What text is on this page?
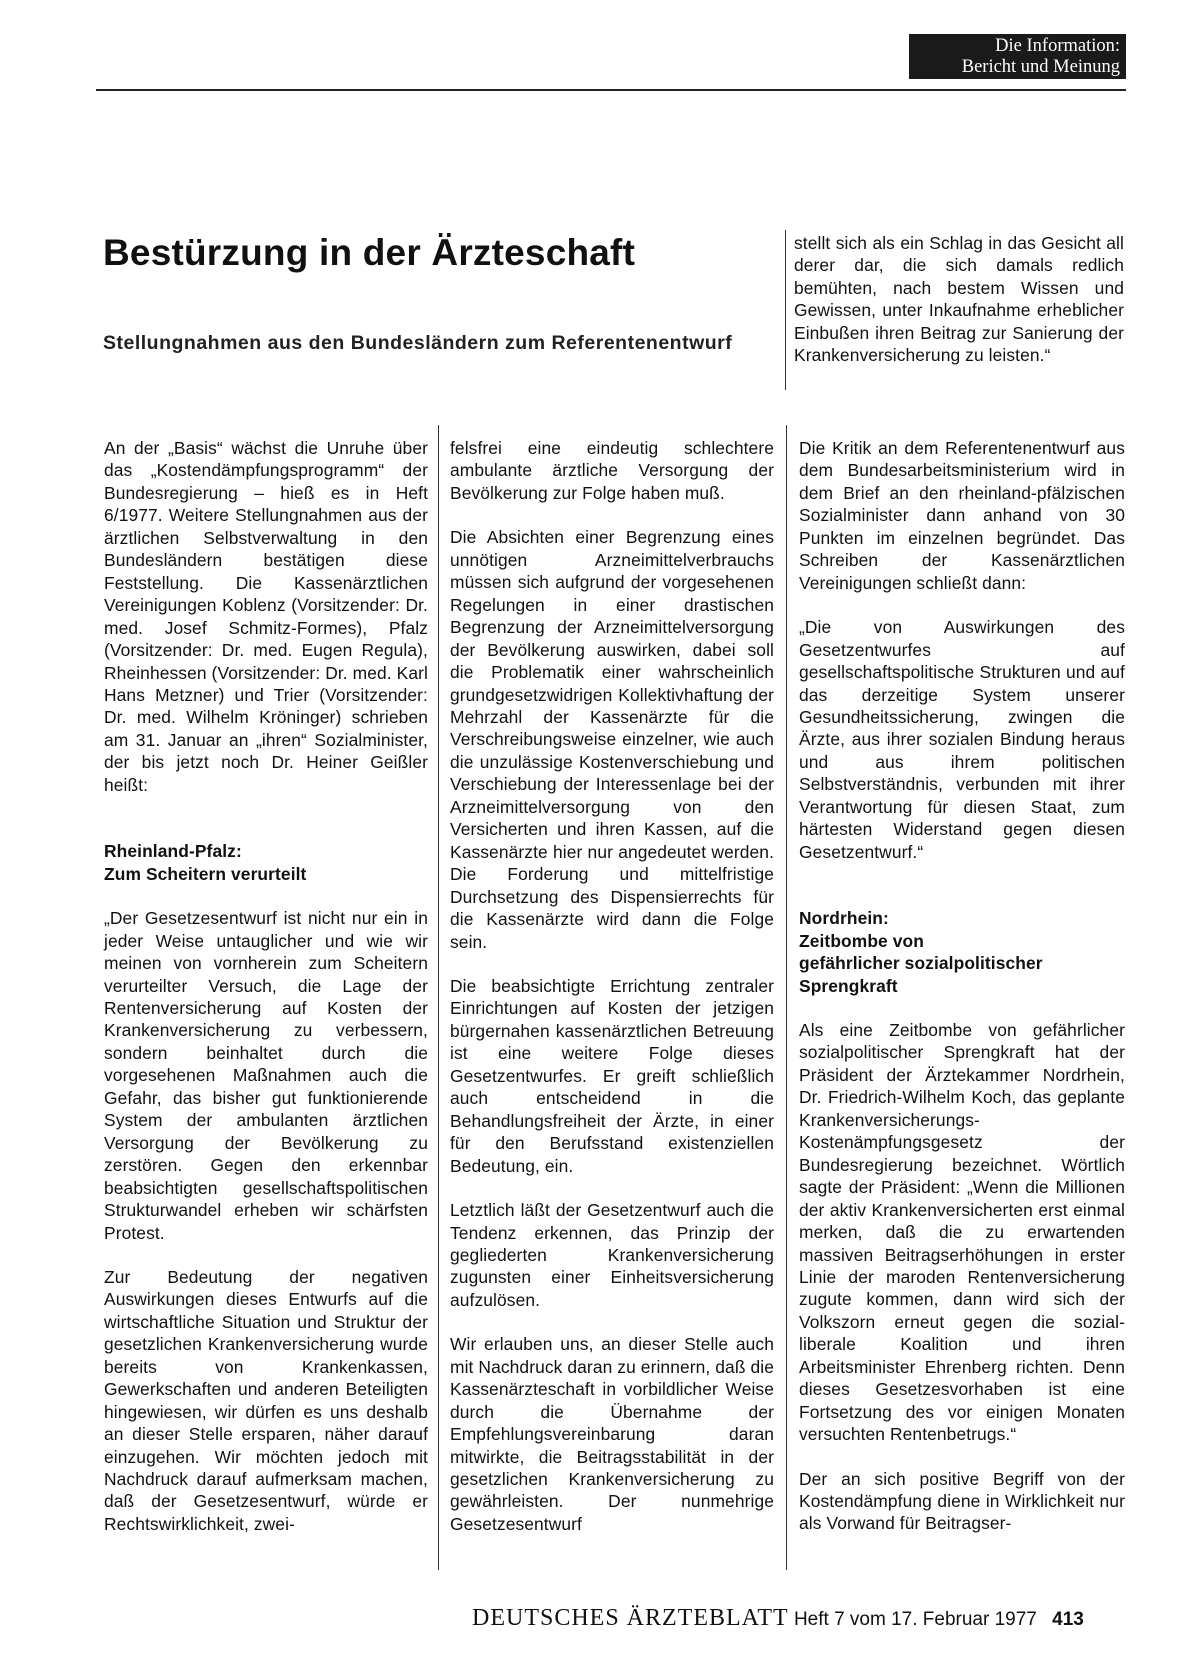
Die Information:
Bericht und Meinung
Bestürzung in der Ärzteschaft
Stellungnahmen aus den Bundesländern zum Referentenentwurf

stellt sich als ein Schlag in das Gesicht all derer dar, die sich damals redlich bemühten, nach bestem Wissen und Gewissen, unter Inkaufnahme erheblicher Einbußen ihren Beitrag zur Sanierung der Krankenversicherung zu leisten.“

An der „Basis“ wächst die Unruhe über das „Kostendämpfungsprogramm“ der Bundesregierung – hieß es in Heft 6/1977. Weitere Stellungnahmen aus der ärztlichen Selbstverwaltung in den Bundesländern bestätigen diese Feststellung. Die Kassenärztlichen Vereinigungen Koblenz (Vorsitzender: Dr. med. Josef Schmitz-Formes), Pfalz (Vorsitzender: Dr. med. Eugen Regula), Rheinhessen (Vorsitzender: Dr. med. Karl Hans Metzner) und Trier (Vorsitzender: Dr. med. Wilhelm Kröninger) schrieben am 31. Januar an „ihren“ Sozialminister, der bis jetzt noch Dr. Heiner Geißler heißt:

Rheinland-Pfalz:
Zum Scheitern verurteilt

„Der Gesetzesentwurf ist nicht nur ein in jeder Weise untauglicher und wie wir meinen von vornherein zum Scheitern verurteilter Versuch, die Lage der Rentenversicherung auf Kosten der Krankenversicherung zu verbessern, sondern beinhaltet durch die vorgesehenen Maßnahmen auch die Gefahr, das bisher gut funktionierende System der ambulanten ärztlichen Versorgung der Bevölkerung zu zerstören. Gegen den erkennbar beabsichtigten gesellschaftspolitischen Strukturwandel erheben wir schärfsten Protest.

Zur Bedeutung der negativen Auswirkungen dieses Entwurfs auf die wirtschaftliche Situation und Struktur der gesetzlichen Krankenversicherung wurde bereits von Krankenkassen, Gewerkschaften und anderen Beteiligten hingewiesen, wir dürfen es uns deshalb an dieser Stelle ersparen, näher darauf einzugehen. Wir möchten jedoch mit Nachdruck darauf aufmerksam machen, daß der Gesetzesentwurf, würde er Rechtswirklichkeit, zwei-

felsfrei eine eindeutig schlechtere ambulante ärztliche Versorgung der Bevölkerung zur Folge haben muß.

Die Absichten einer Begrenzung eines unnötigen Arzneimittelverbrauchs müssen sich aufgrund der vorgesehenen Regelungen in einer drastischen Begrenzung der Arzneimittelversorgung der Bevölkerung auswirken, dabei soll die Problematik einer wahrscheinlich grundgesetzwidrigen Kollektivhaftung der Mehrzahl der Kassenärzte für die Verschreibungsweise einzelner, wie auch die unzulässige Kostenverschiebung und Verschiebung der Interessenlage bei der Arzneimittelversorgung von den Versicherten und ihren Kassen, auf die Kassenärzte hier nur angedeutet werden. Die Forderung und mittelfristige Durchsetzung des Dispensierrechts für die Kassenärzte wird dann die Folge sein.

Die beabsichtigte Errichtung zentraler Einrichtungen auf Kosten der jetzigen bürgernahen kassenärztlichen Betreuung ist eine weitere Folge dieses Gesetzentwurfes. Er greift schließlich auch entscheidend in die Behandlungsfreiheit der Ärzte, in einer für den Berufsstand existenziellen Bedeutung, ein.

Letztlich läßt der Gesetzentwurf auch die Tendenz erkennen, das Prinzip der gegliederten Krankenversicherung zugunsten einer Einheitsversicherung aufzulösen.

Wir erlauben uns, an dieser Stelle auch mit Nachdruck daran zu erinnern, daß die Kassenärzteschaft in vorbildlicher Weise durch die Übernahme der Empfehlungsvereinbarung daran mitwirkte, die Beitragsstabilität in der gesetzlichen Krankenversicherung zu gewährleisten. Der nunmehrige Gesetzesentwurf

Die Kritik an dem Referentenentwurf aus dem Bundesarbeitsministerium wird in dem Brief an den rheinland-pfälzischen Sozialminister dann anhand von 30 Punkten im einzelnen begründet. Das Schreiben der Kassenärztlichen Vereinigungen schließt dann:

„Die von Auswirkungen des Gesetzentwurfes auf gesellschaftspolitische Strukturen und auf das derzeitige System unserer Gesundheitssicherung, zwingen die Ärzte, aus ihrer sozialen Bindung heraus und aus ihrem politischen Selbstverständnis, verbunden mit ihrer Verantwortung für diesen Staat, zum härtesten Widerstand gegen diesen Gesetzentwurf.“

Nordrhein:
Zeitbombe von
gefährlicher sozialpolitischer
Sprengkraft

Als eine Zeitbombe von gefährlicher sozialpolitischer Sprengkraft hat der Präsident der Ärztekammer Nordrhein, Dr. Friedrich-Wilhelm Koch, das geplante Krankenversicherungs-Kostenämpfungsgesetz der Bundesregierung bezeichnet. Wörtlich sagte der Präsident: „Wenn die Millionen der aktiv Krankenversicherten erst einmal merken, daß die zu erwartenden massiven Beitragserhöhungen in erster Linie der maroden Rentenversicherung zugute kommen, dann wird sich der Volkszorn erneut gegen die sozial-liberale Koalition und ihren Arbeitsminister Ehrenberg richten. Denn dieses Gesetzesvorhaben ist eine Fortsetzung des vor einigen Monaten versuchten Rentenbetrugs.“

Der an sich positive Begriff von der Kostendämpfung diene in Wirklichkeit nur als Vorwand für Beitragser-

DEUTSCHES ÄRZTEBLATT Heft 7 vom 17. Februar 1977 413
